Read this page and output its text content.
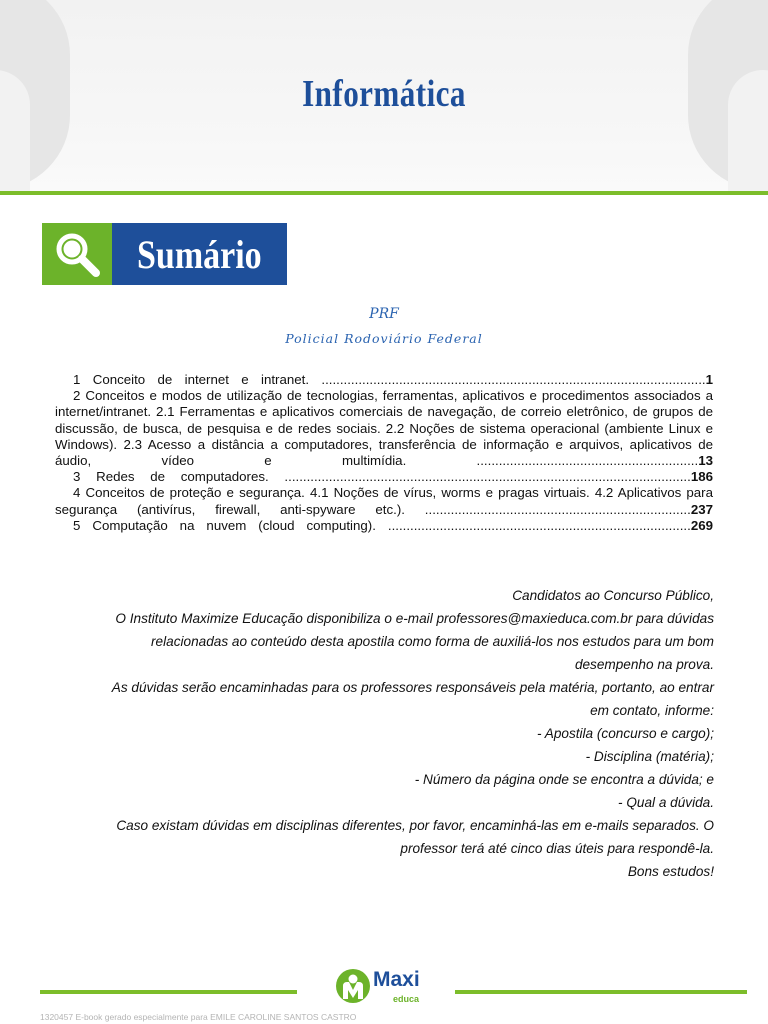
Informática
Sumário
PRF
Policial Rodoviário Federal
1 Conceito de internet e intranet. ........................................................................................................1
2 Conceitos e modos de utilização de tecnologias, ferramentas, aplicativos e procedimentos associados a internet/intranet. 2.1 Ferramentas e aplicativos comerciais de navegação, de correio eletrônico, de grupos de discussão, de busca, de pesquisa e de redes sociais. 2.2 Noções de sistema operacional (ambiente Linux e Windows). 2.3 Acesso a distância a computadores, transferência de informação e arquivos, aplicativos de áudio, vídeo e multimídia. ............................................................13
3 Redes de computadores. ..............................................................................................................186
4 Conceitos de proteção e segurança. 4.1 Noções de vírus, worms e pragas virtuais. 4.2 Aplicativos para segurança (antivírus, firewall, anti-spyware etc.). ........................................................................237
5 Computação na nuvem (cloud computing). ..................................................................................269
Candidatos ao Concurso Público,
O Instituto Maximize Educação disponibiliza o e-mail professores@maxieduca.com.br para dúvidas
relacionadas ao conteúdo desta apostila como forma de auxiliá-los nos estudos para um bom
desempenho na prova.
As dúvidas serão encaminhadas para os professores responsáveis pela matéria, portanto, ao entrar
em contato, informe:
- Apostila (concurso e cargo);
- Disciplina (matéria);
- Número da página onde se encontra a dúvida; e
- Qual a dúvida.
Caso existam dúvidas em disciplinas diferentes, por favor, encaminhá-las em e-mails separados. O
professor terá até cinco dias úteis para respondê-la.
Bons estudos!
Maxi
educa
1320457 E-book gerado especialmente para EMILE CAROLINE SANTOS CASTRO
